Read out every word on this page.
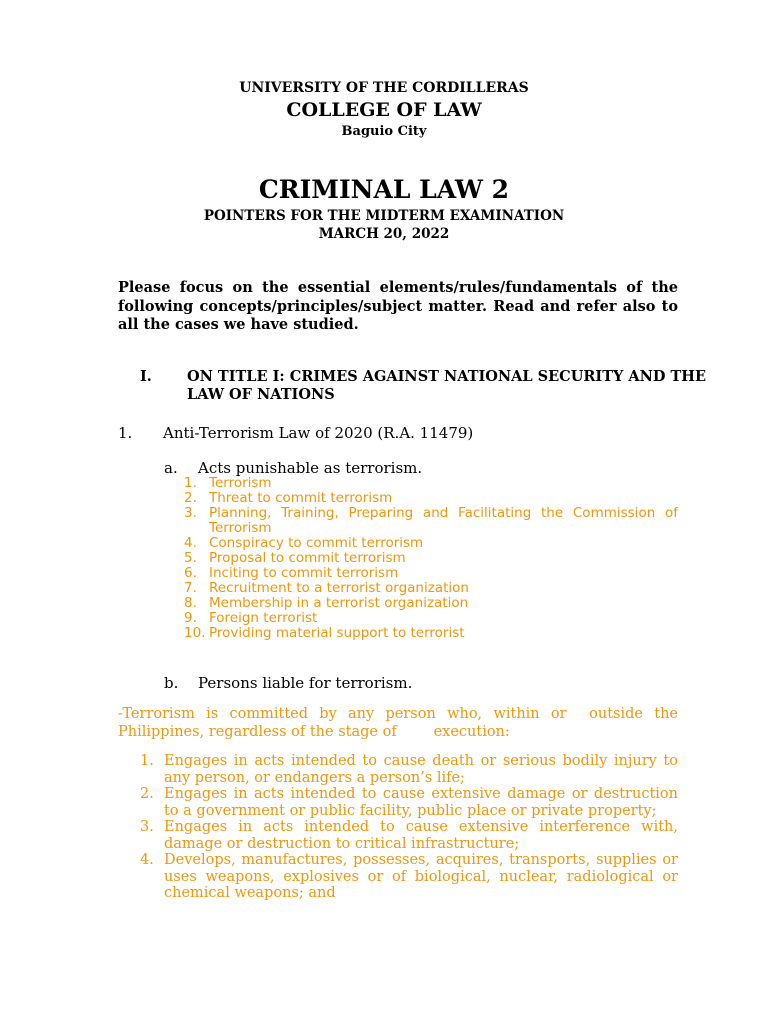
UNIVERSITY OF THE CORDILLERAS
COLLEGE OF LAW
Baguio City
CRIMINAL LAW 2
POINTERS FOR THE MIDTERM EXAMINATION
MARCH 20, 2022
Please focus on the essential elements/rules/fundamentals of the
following concepts/principles/subject matter. Read and refer also to
all the cases we have studied.
I. ON TITLE I: CRIMES AGAINST NATIONAL SECURITY AND THE
LAW OF NATIONS
1. Anti-Terrorism Law of 2020 (R.A. 11479)
a. Acts punishable as terrorism.
1. Terrorism
2. Threat to commit terrorism
3. Planning, Training, Preparing and Facilitating the Commission of
Terrorism
4. Conspiracy to commit terrorism
5. Proposal to commit terrorism
6. Inciting to commit terrorism
7. Recruitment to a terrorist organization
8. Membership in a terrorist organization
9. Foreign terrorist
10. Providing material support to terrorist
b. Persons liable for terrorism.
-Terrorism is committed by any person who, within or  outside the
Philippines, regardless of the stage of        execution:
1. Engages in acts intended to cause death or serious bodily injury to
any person, or endangers a person’s life;
2. Engages in acts intended to cause extensive damage or destruction
to a government or public facility, public place or private property;
3. Engages in acts intended to cause extensive interference with,
damage or destruction to critical infrastructure;
4. Develops, manufactures, possesses, acquires, transports, supplies or
uses weapons, explosives or of biological, nuclear, radiological or
chemical weapons; and
